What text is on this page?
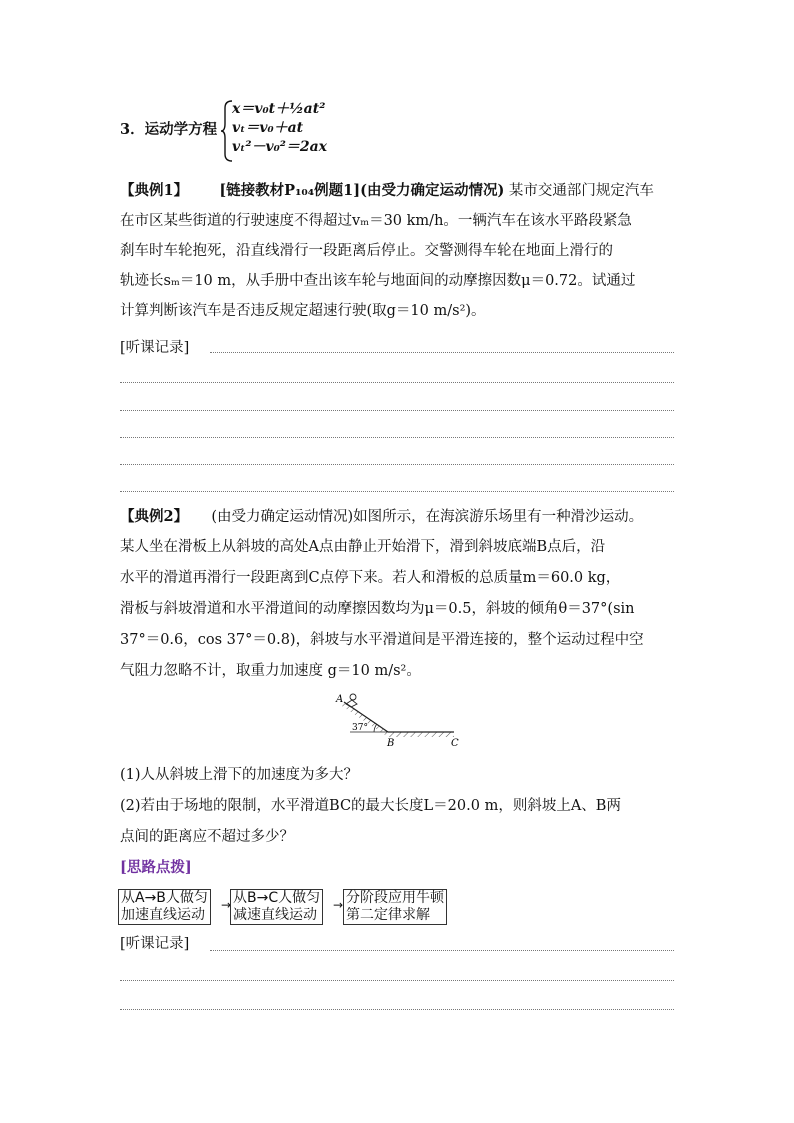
3．运动学方程
x＝v₀t＋½at²
vₜ＝v₀＋at
vₜ²－v₀²＝2ax
【典例1】 [链接教材P₁₀₄例题1](由受力确定运动情况) 某市交通部门规定汽车
在市区某些街道的行驶速度不得超过vₘ＝30 km/h。一辆汽车在该水平路段紧急
刹车时车轮抱死，沿直线滑行一段距离后停止。交警测得车轮在地面上滑行的
轨迹长sₘ＝10 m，从手册中查出该车轮与地面间的动摩擦因数μ＝0.72。试通过
计算判断该汽车是否违反规定超速行驶(取g＝10 m/s²)。
[听课记录]
【典例2】 (由受力确定运动情况)如图所示，在海滨游乐场里有一种滑沙运动。
某人坐在滑板上从斜坡的高处A点由静止开始滑下，滑到斜坡底端B点后，沿
水平的滑道再滑行一段距离到C点停下来。若人和滑板的总质量m＝60.0 kg，
滑板与斜坡滑道和水平滑道间的动摩擦因数均为μ＝0.5，斜坡的倾角θ＝37°(sin
37°＝0.6，cos 37°＝0.8)，斜坡与水平滑道间是平滑连接的，整个运动过程中空
气阻力忽略不计，取重力加速度 g＝10 m/s²。
A
37°
B	C
(1)人从斜坡上滑下的加速度为多大？
(2)若由于场地的限制，水平滑道BC的最大长度L＝20.0 m，则斜坡上A、B两
点间的距离应不超过多少？
[思路点拨]
从A→B人做匀
加速直线运动
→ 从B→C人做匀
减速直线运动
→ 分阶段应用牛顿
第二定律求解
[听课记录]
